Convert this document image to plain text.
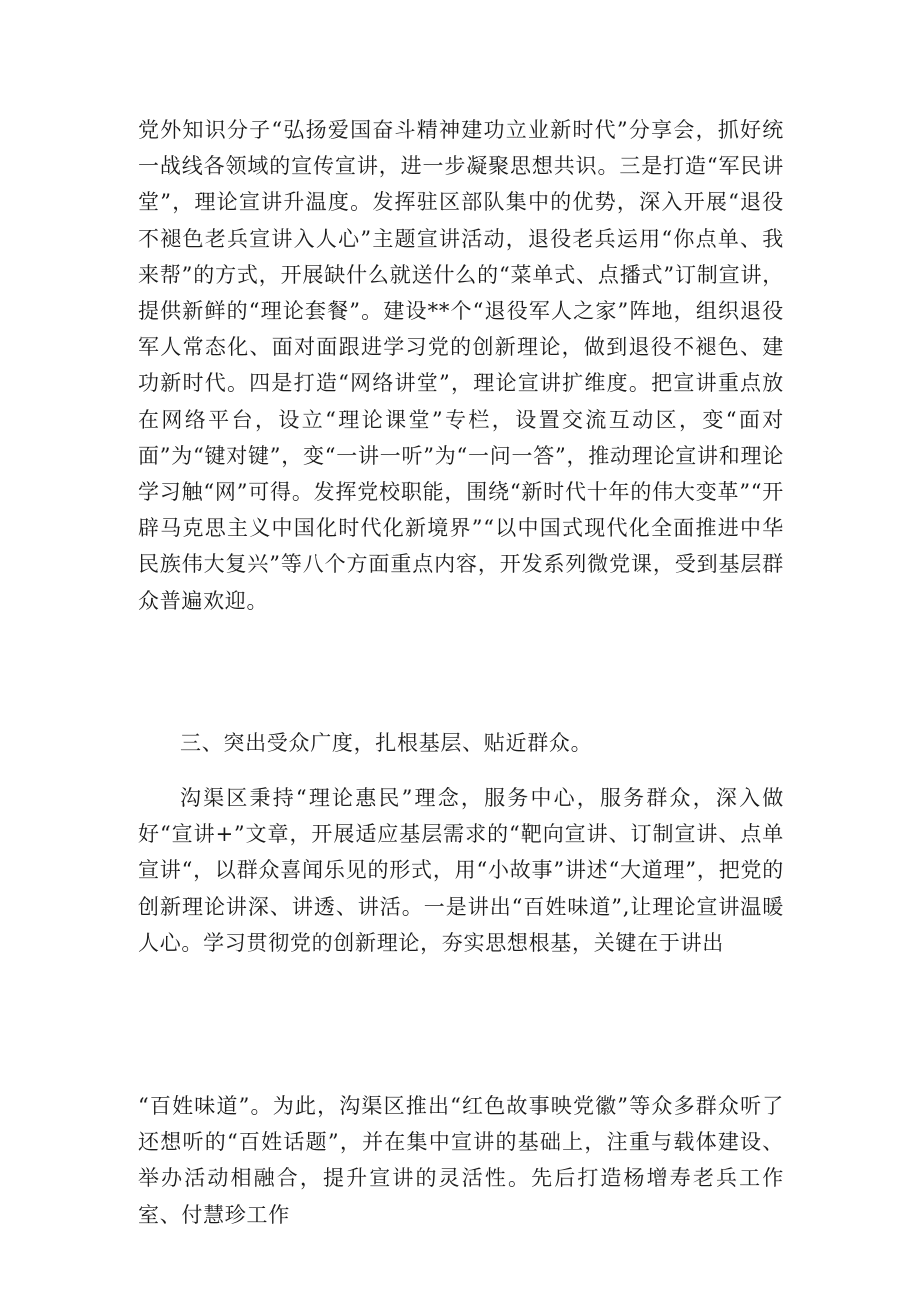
党外知识分子“弘扬爱国奋斗精神建功立业新时代”分享会，抓好统一战线各领域的宣传宣讲，进一步凝聚思想共识。三是打造“军民讲堂”，理论宣讲升温度。发挥驻区部队集中的优势，深入开展“退役不褪色老兵宣讲入人心”主题宣讲活动，退役老兵运用“你点单、我来帮”的方式，开展缺什么就送什么的“菜单式、点播式”订制宣讲，提供新鲜的“理论套餐”。建设**个“退役军人之家”阵地，组织退役军人常态化、面对面跟进学习党的创新理论，做到退役不褪色、建功新时代。四是打造“网络讲堂”，理论宣讲扩维度。把宣讲重点放在网络平台，设立“理论课堂”专栏，设置交流互动区，变“面对面”为“键对键”，变“一讲一听”为“一问一答”，推动理论宣讲和理论学习触“网”可得。发挥党校职能，围绕“新时代十年的伟大变革”“开辟马克思主义中国化时代化新境界”“以中国式现代化全面推进中华民族伟大复兴”等八个方面重点内容，开发系列微党课，受到基层群众普遍欢迎。

三、突出受众广度，扎根基层、贴近群众。

沟渠区秉持“理论惠民”理念，服务中心，服务群众，深入做好“宣讲+”文章，开展适应基层需求的“靶向宣讲、订制宣讲、点单宣讲“，以群众喜闻乐见的形式，用“小故事”讲述“大道理”，把党的创新理论讲深、讲透、讲活。一是讲出“百姓味道”,让理论宣讲温暖人心。学习贯彻党的创新理论，夯实思想根基，关键在于讲出

“百姓味道”。为此，沟渠区推出“红色故事映党徽”等众多群众听了还想听的“百姓话题”，并在集中宣讲的基础上，注重与载体建设、举办活动相融合，提升宣讲的灵活性。先后打造杨增寿老兵工作室、付慧珍工作
